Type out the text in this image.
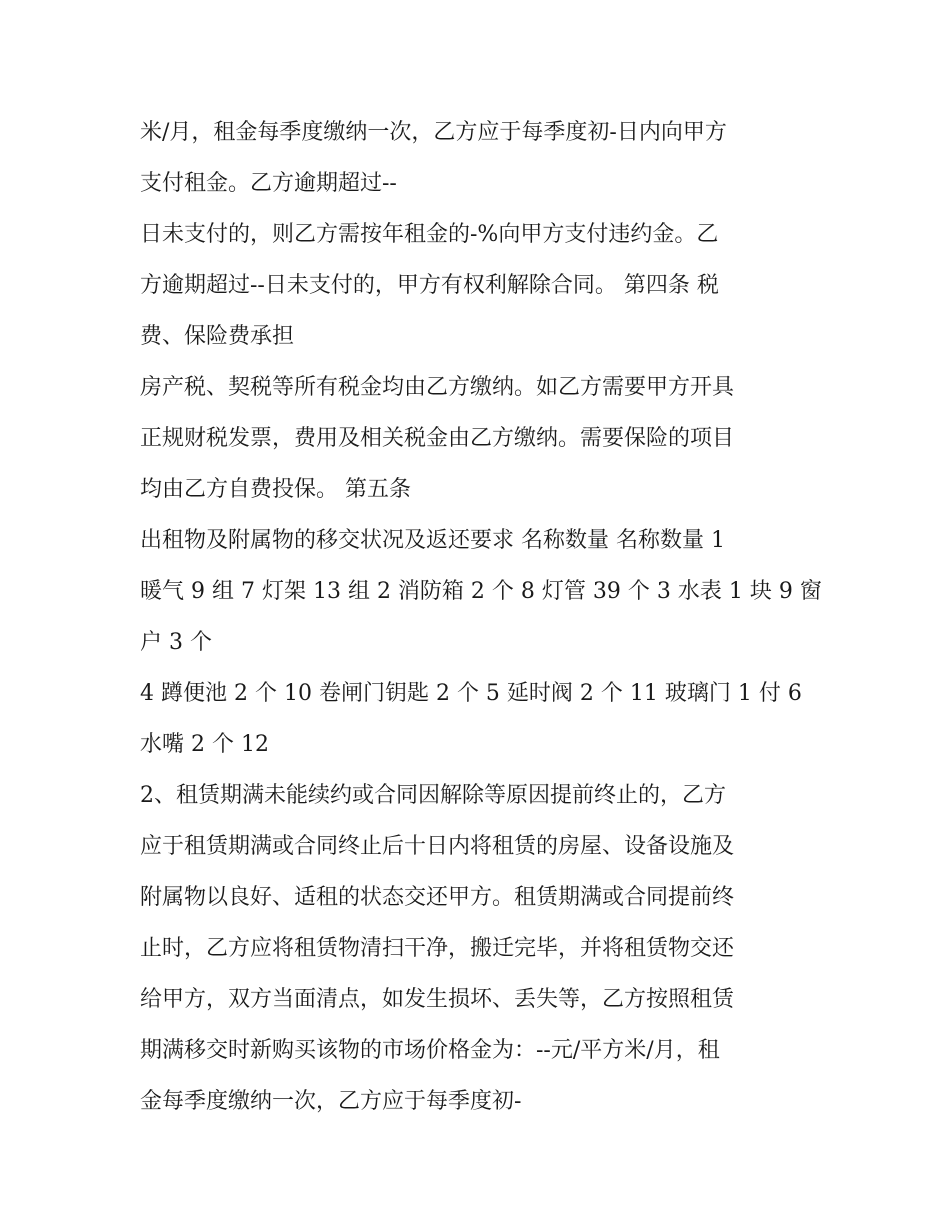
米/月，租金每季度缴纳一次，乙方应于每季度初-日内向甲方
支付租金。乙方逾期超过--
日未支付的，则乙方需按年租金的-%向甲方支付违约金。乙
方逾期超过--日未支付的，甲方有权利解除合同。 第四条 税
费、保险费承担
房产税、契税等所有税金均由乙方缴纳。如乙方需要甲方开具
正规财税发票，费用及相关税金由乙方缴纳。需要保险的项目
均由乙方自费投保。 第五条
出租物及附属物的移交状况及返还要求 名称数量 名称数量 1
暖气 9 组 7 灯架 13 组 2 消防箱 2 个 8 灯管 39 个 3 水表 1 块 9 窗
户 3 个
4 蹲便池 2 个 10 卷闸门钥匙 2 个 5 延时阀 2 个 11 玻璃门 1 付 6
水嘴 2 个 12
2、租赁期满未能续约或合同因解除等原因提前终止的，乙方
应于租赁期满或合同终止后十日内将租赁的房屋、设备设施及
附属物以良好、适租的状态交还甲方。租赁期满或合同提前终
止时，乙方应将租赁物清扫干净，搬迁完毕，并将租赁物交还
给甲方，双方当面清点，如发生损坏、丢失等，乙方按照租赁
期满移交时新购买该物的市场价格金为：--元/平方米/月，租
金每季度缴纳一次，乙方应于每季度初-
